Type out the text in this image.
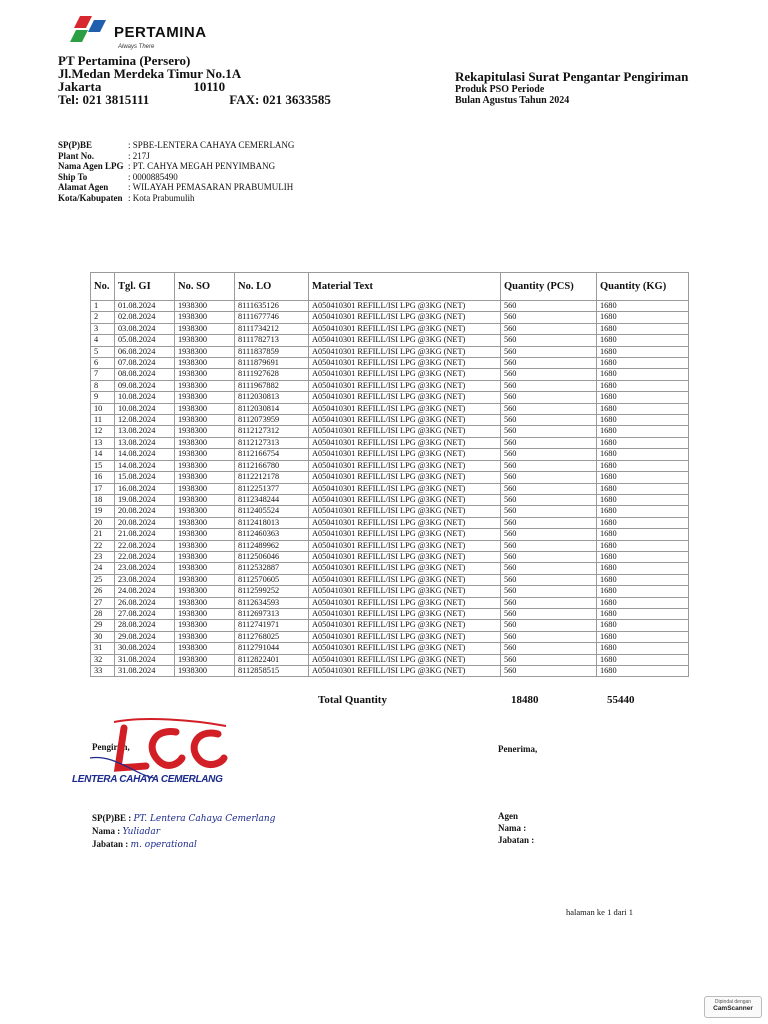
PERTAMINA
Always There
PT Pertamina (Persero)
Jl.Medan Merdeka Timur No.1A
Jakarta	10110
Tel: 021 3815111	FAX: 021 3633585
Rekapitulasi Surat Pengantar Pengiriman
Produk PSO Periode
Bulan Agustus Tahun 2024
SP(P)BE	: SPBE-LENTERA CAHAYA CEMERLANG
Plant No.	: 217J
Nama Agen LPG : PT. CAHYA MEGAH PENYIMBANG
Ship To	: 0000885490
Alamat Agen	: WILAYAH PEMASARAN PRABUMULIH
Kota/Kabupaten : Kota Prabumulih
No.	Tgl. GI	No. SO	No. LO	Material Text	Quantity (PCS)	Quantity (KG)
1	01.08.2024	1938300	8111635126	A050410301 REFILL/ISI LPG @3KG (NET)	560	1680
2	02.08.2024	1938300	8111677746	A050410301 REFILL/ISI LPG @3KG (NET)	560	1680
3	03.08.2024	1938300	8111734212	A050410301 REFILL/ISI LPG @3KG (NET)	560	1680
4	05.08.2024	1938300	8111782713	A050410301 REFILL/ISI LPG @3KG (NET)	560	1680
5	06.08.2024	1938300	8111837859	A050410301 REFILL/ISI LPG @3KG (NET)	560	1680
6	07.08.2024	1938300	8111879691	A050410301 REFILL/ISI LPG @3KG (NET)	560	1680
7	08.08.2024	1938300	8111927628	A050410301 REFILL/ISI LPG @3KG (NET)	560	1680
8	09.08.2024	1938300	8111967882	A050410301 REFILL/ISI LPG @3KG (NET)	560	1680
9	10.08.2024	1938300	8112030813	A050410301 REFILL/ISI LPG @3KG (NET)	560	1680
10	10.08.2024	1938300	8112030814	A050410301 REFILL/ISI LPG @3KG (NET)	560	1680
11	12.08.2024	1938300	8112073959	A050410301 REFILL/ISI LPG @3KG (NET)	560	1680
12	13.08.2024	1938300	8112127312	A050410301 REFILL/ISI LPG @3KG (NET)	560	1680
13	13.08.2024	1938300	8112127313	A050410301 REFILL/ISI LPG @3KG (NET)	560	1680
14	14.08.2024	1938300	8112166754	A050410301 REFILL/ISI LPG @3KG (NET)	560	1680
15	14.08.2024	1938300	8112166780	A050410301 REFILL/ISI LPG @3KG (NET)	560	1680
16	15.08.2024	1938300	8112212178	A050410301 REFILL/ISI LPG @3KG (NET)	560	1680
17	16.08.2024	1938300	8112251377	A050410301 REFILL/ISI LPG @3KG (NET)	560	1680
18	19.08.2024	1938300	8112348244	A050410301 REFILL/ISI LPG @3KG (NET)	560	1680
19	20.08.2024	1938300	8112405524	A050410301 REFILL/ISI LPG @3KG (NET)	560	1680
20	20.08.2024	1938300	8112418013	A050410301 REFILL/ISI LPG @3KG (NET)	560	1680
21	21.08.2024	1938300	8112460363	A050410301 REFILL/ISI LPG @3KG (NET)	560	1680
22	22.08.2024	1938300	8112489962	A050410301 REFILL/ISI LPG @3KG (NET)	560	1680
23	22.08.2024	1938300	8112506046	A050410301 REFILL/ISI LPG @3KG (NET)	560	1680
24	23.08.2024	1938300	8112532887	A050410301 REFILL/ISI LPG @3KG (NET)	560	1680
25	23.08.2024	1938300	8112570605	A050410301 REFILL/ISI LPG @3KG (NET)	560	1680
26	24.08.2024	1938300	8112599252	A050410301 REFILL/ISI LPG @3KG (NET)	560	1680
27	26.08.2024	1938300	8112634593	A050410301 REFILL/ISI LPG @3KG (NET)	560	1680
28	27.08.2024	1938300	8112697313	A050410301 REFILL/ISI LPG @3KG (NET)	560	1680
29	28.08.2024	1938300	8112741971	A050410301 REFILL/ISI LPG @3KG (NET)	560	1680
30	29.08.2024	1938300	8112768025	A050410301 REFILL/ISI LPG @3KG (NET)	560	1680
31	30.08.2024	1938300	8112791044	A050410301 REFILL/ISI LPG @3KG (NET)	560	1680
32	31.08.2024	1938300	8112822401	A050410301 REFILL/ISI LPG @3KG (NET)	560	1680
33	31.08.2024	1938300	8112858515	A050410301 REFILL/ISI LPG @3KG (NET)	560	1680
Total Quantity	18480	55440
Pengirim,
LENTERA CAHAYA CEMERLANG
SP(P)BE : PT. Lentera Cahaya Cemerlang
Nama : Yuliadar
Jabatan : m. operational
Penerima,
Agen
Nama :
Jabatan :
halaman ke 1 dari 1
Dipindai dengan
CamScanner
